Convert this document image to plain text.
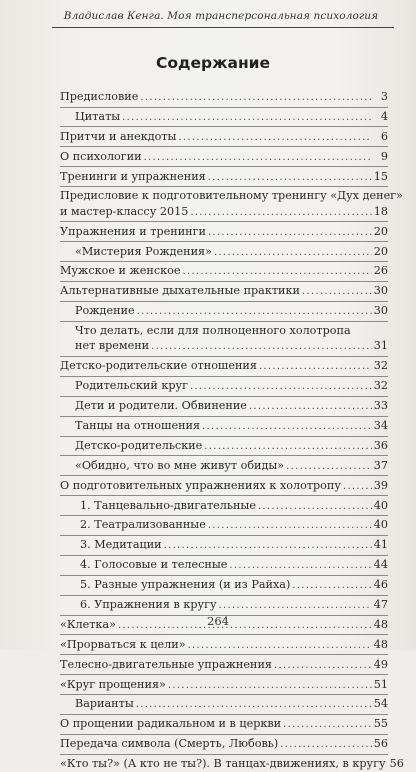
Владислав Кенга. Моя трансперсональная психология
Содержание
Предисловие .....	3
Цитаты .....	4
Притчи и анекдоты .....	6
О психологии .....	9
Тренинги и упражнения .....	15
Предисловие к подготовительному тренингу «Дух денег»
и мастер-классу 2015 .....	18
Упражнения и тренинги .....	20
«Мистерия Рождения» .....	20
Мужское и женское .....	26
Альтернативные дыхательные практики .....	30
Рождение .....	30
Что делать, если для полноценного холотропа
нет времени .....	31
Детско-родительские отношения .....	32
Родительский круг .....	32
Дети и родители. Обвинение .....	33
Танцы на отношения .....	34
Детско-родительские .....	36
«Обидно, что во мне живут обиды» .....	37
О подготовительных упражнениях к холотропу .....	39
1. Танцевально-двигательные .....	40
2. Театрализованные .....	40
3. Медитации .....	41
4. Голосовые и телесные .....	44
5. Разные упражнения (и из Райха) .....	46
6. Упражнения в кругу .....	47
«Клетка» .....	48
«Прорваться к цели» .....	48
Телесно-двигательные упражнения .....	49
«Круг прощения» .....	51
Варианты .....	54
О прощении радикальном и в церкви .....	55
Передача символа (Смерть, Любовь) .....	56
«Кто ты?» (А кто не ты?). В танцах-движениях, в кругу 56
264
